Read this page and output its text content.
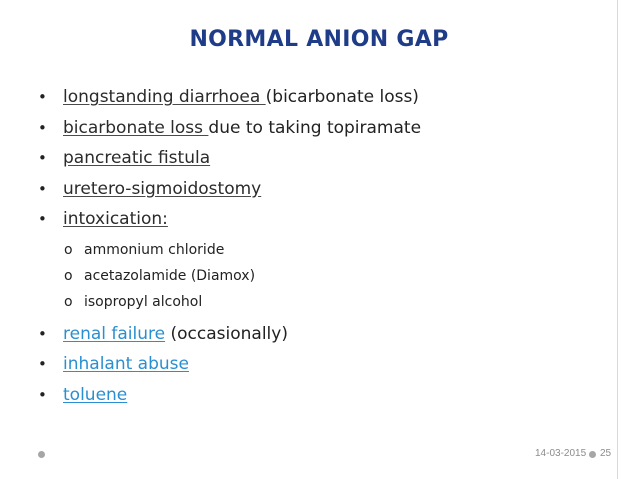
NORMAL ANION GAP
• longstanding diarrhoea (bicarbonate loss)
• bicarbonate loss due to taking topiramate
• pancreatic fistula
• uretero-sigmoidostomy
• intoxication:
o ammonium chloride
o acetazolamide (Diamox)
o isopropyl alcohol
• renal failure (occasionally)
• inhalant abuse
• toluene
14-03-2015 25
